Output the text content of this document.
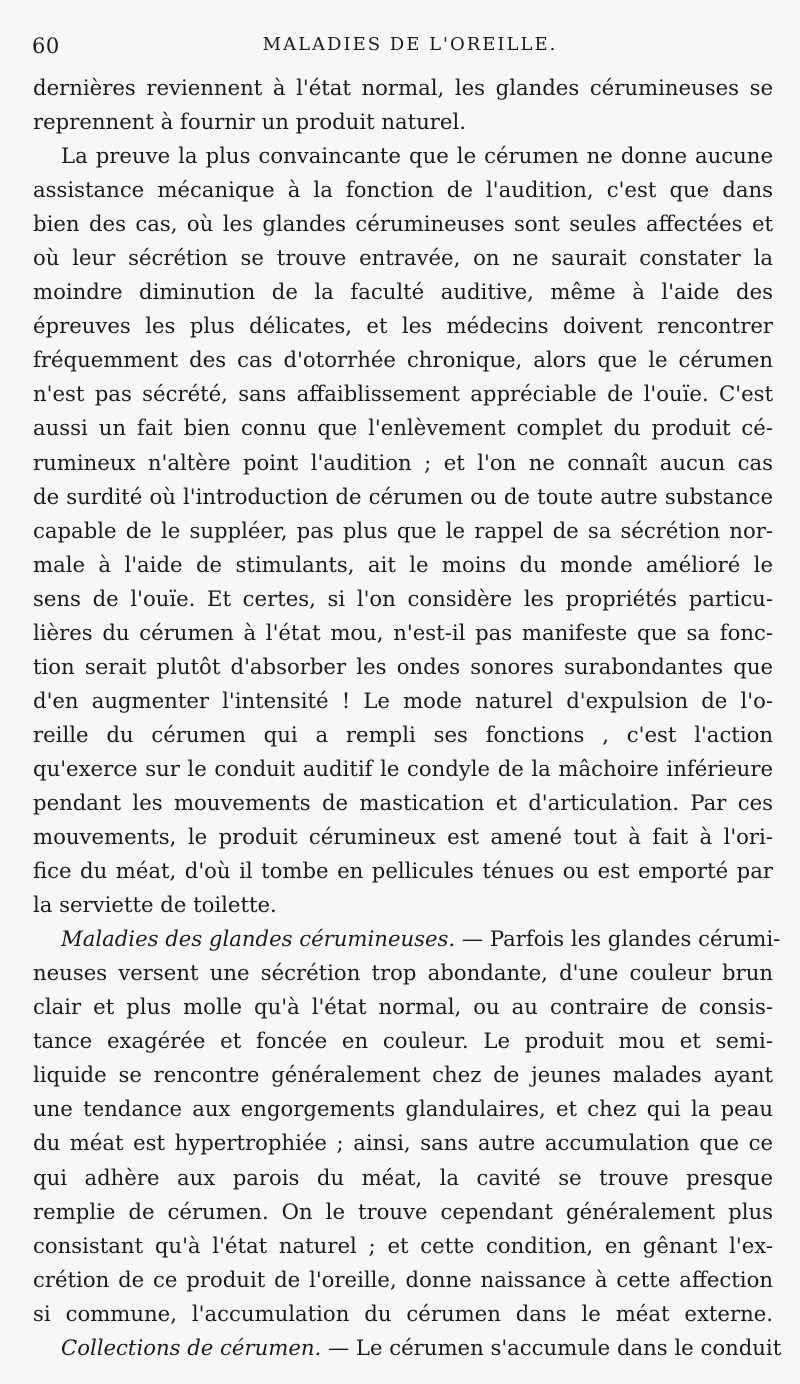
60	MALADIES DE L'OREILLE.
dernières reviennent à l'état normal, les glandes cérumineuses se
reprennent à fournir un produit naturel.
La preuve la plus convaincante que le cérumen ne donne aucune
assistance mécanique à la fonction de l'audition, c'est que dans
bien des cas, où les glandes cérumineuses sont seules affectées et
où leur sécrétion se trouve entravée, on ne saurait constater la
moindre diminution de la faculté auditive, même à l'aide des
épreuves les plus délicates, et les médecins doivent rencontrer
fréquemment des cas d'otorrhée chronique, alors que le cérumen
n'est pas sécrété, sans affaiblissement appréciable de l'ouïe. C'est
aussi un fait bien connu que l'enlèvement complet du produit cé-
rumineux n'altère point l'audition ; et l'on ne connaît aucun cas
de surdité où l'introduction de cérumen ou de toute autre substance
capable de le suppléer, pas plus que le rappel de sa sécrétion nor-
male à l'aide de stimulants, ait le moins du monde amélioré le
sens de l'ouïe. Et certes, si l'on considère les propriétés particu-
lières du cérumen à l'état mou, n'est-il pas manifeste que sa fonc-
tion serait plutôt d'absorber les ondes sonores surabondantes que
d'en augmenter l'intensité ! Le mode naturel d'expulsion de l'o-
reille du cérumen qui a rempli ses fonctions , c'est l'action
qu'exerce sur le conduit auditif le condyle de la mâchoire inférieure
pendant les mouvements de mastication et d'articulation. Par ces
mouvements, le produit cérumineux est amené tout à fait à l'ori-
fice du méat, d'où il tombe en pellicules ténues ou est emporté par
la serviette de toilette.
Maladies des glandes cérumineuses. — Parfois les glandes cérumi-
neuses versent une sécrétion trop abondante, d'une couleur brun
clair et plus molle qu'à l'état normal, ou au contraire de consis-
tance exagérée et foncée en couleur. Le produit mou et semi-
liquide se rencontre généralement chez de jeunes malades ayant
une tendance aux engorgements glandulaires, et chez qui la peau
du méat est hypertrophiée ; ainsi, sans autre accumulation que ce
qui adhère aux parois du méat, la cavité se trouve presque
remplie de cérumen. On le trouve cependant généralement plus
consistant qu'à l'état naturel ; et cette condition, en gênant l'ex-
crétion de ce produit de l'oreille, donne naissance à cette affection
si commune, l'accumulation du cérumen dans le méat externe.
Collections de cérumen. — Le cérumen s'accumule dans le conduit
